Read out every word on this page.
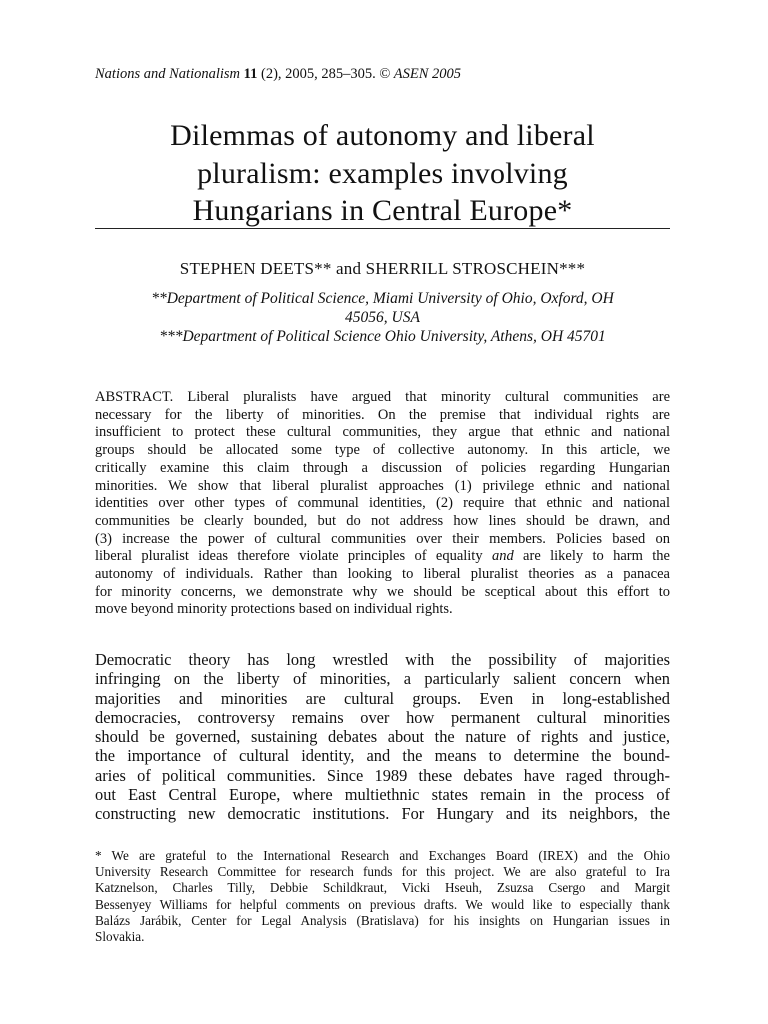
Nations and Nationalism 11 (2), 2005, 285–305. © ASEN 2005
Dilemmas of autonomy and liberal
pluralism: examples involving
Hungarians in Central Europe*
STEPHEN DEETS** and SHERRILL STROSCHEIN***
**Department of Political Science, Miami University of Ohio, Oxford, OH
45056, USA
***Department of Political Science Ohio University, Athens, OH 45701
ABSTRACT. Liberal pluralists have argued that minority cultural communities are
necessary for the liberty of minorities. On the premise that individual rights are
insufficient to protect these cultural communities, they argue that ethnic and national
groups should be allocated some type of collective autonomy. In this article, we
critically examine this claim through a discussion of policies regarding Hungarian
minorities. We show that liberal pluralist approaches (1) privilege ethnic and national
identities over other types of communal identities, (2) require that ethnic and national
communities be clearly bounded, but do not address how lines should be drawn, and
(3) increase the power of cultural communities over their members. Policies based on
liberal pluralist ideas therefore violate principles of equality and are likely to harm the
autonomy of individuals. Rather than looking to liberal pluralist theories as a panacea
for minority concerns, we demonstrate why we should be sceptical about this effort to
move beyond minority protections based on individual rights.
Democratic theory has long wrestled with the possibility of majorities
infringing on the liberty of minorities, a particularly salient concern when
majorities and minorities are cultural groups. Even in long-established
democracies, controversy remains over how permanent cultural minorities
should be governed, sustaining debates about the nature of rights and justice,
the importance of cultural identity, and the means to determine the bound-
aries of political communities. Since 1989 these debates have raged through-
out East Central Europe, where multiethnic states remain in the process of
constructing new democratic institutions. For Hungary and its neighbors, the
* We are grateful to the International Research and Exchanges Board (IREX) and the Ohio
University Research Committee for research funds for this project. We are also grateful to Ira
Katznelson, Charles Tilly, Debbie Schildkraut, Vicki Hseuh, Zsuzsa Csergo and Margit
Bessenyey Williams for helpful comments on previous drafts. We would like to especially thank
Balázs Jarábik, Center for Legal Analysis (Bratislava) for his insights on Hungarian issues in
Slovakia.
